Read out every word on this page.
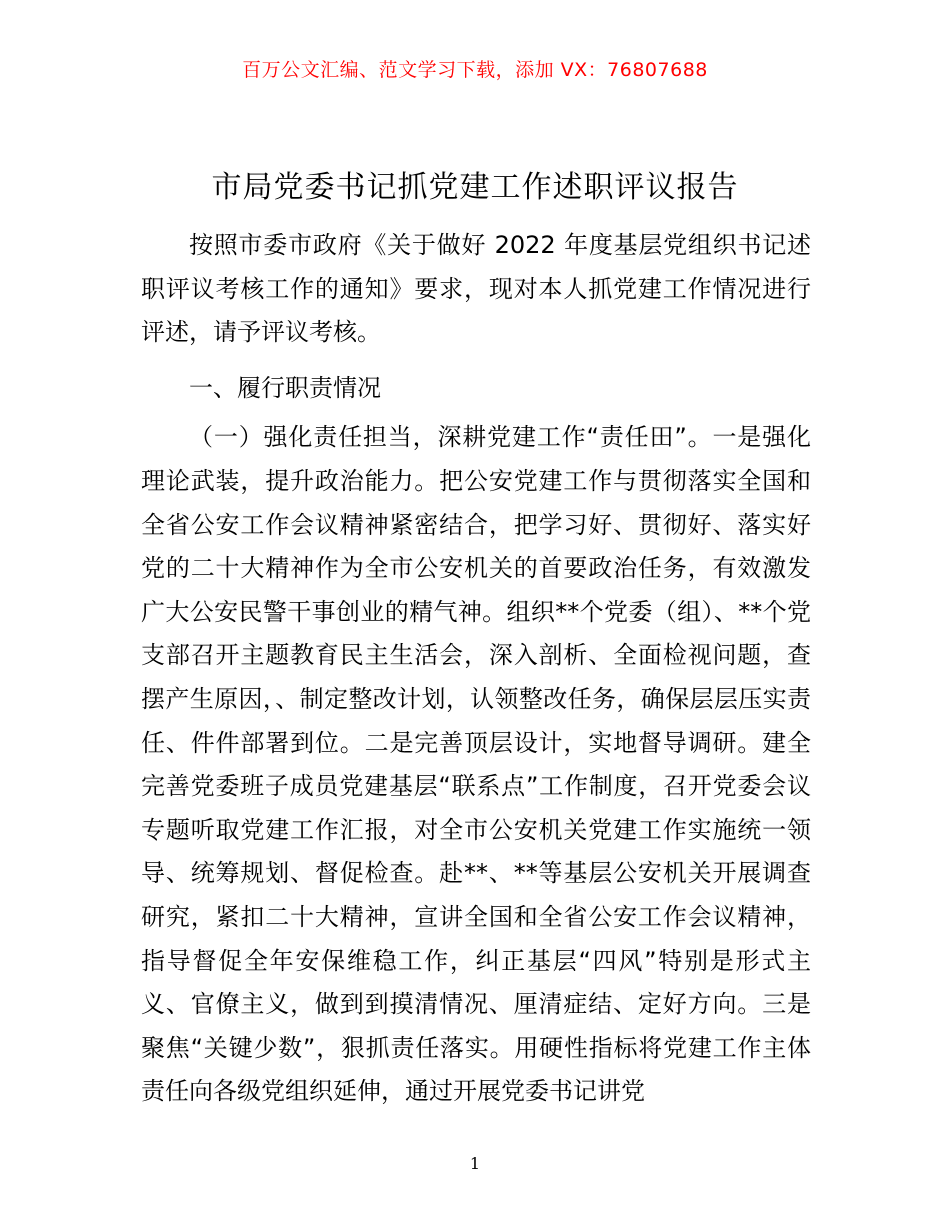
百万公文汇编、范文学习下载，添加 VX：76807688
市局党委书记抓党建工作述职评议报告

按照市委市政府《关于做好 2022 年度基层党组织书记述职评议考核工作的通知》要求，现对本人抓党建工作情况进行评述，请予评议考核。

一、履行职责情况

（一）强化责任担当，深耕党建工作“责任田”。一是强化理论武装，提升政治能力。把公安党建工作与贯彻落实全国和全省公安工作会议精神紧密结合，把学习好、贯彻好、落实好党的二十大精神作为全市公安机关的首要政治任务，有效激发广大公安民警干事创业的精气神。组织**个党委（组）、**个党支部召开主题教育民主生活会，深入剖析、全面检视问题，查摆产生原因，、制定整改计划，认领整改任务，确保层层压实责任、件件部署到位。二是完善顶层设计，实地督导调研。建全完善党委班子成员党建基层“联系点”工作制度，召开党委会议专题听取党建工作汇报，对全市公安机关党建工作实施统一领导、统筹规划、督促检查。赴**、**等基层公安机关开展调查研究，紧扣二十大精神，宣讲全国和全省公安工作会议精神，指导督促全年安保维稳工作，纠正基层“四风”特别是形式主义、官僚主义，做到到摸清情况、厘清症结、定好方向。三是聚焦“关键少数”，狠抓责任落实。用硬性指标将党建工作主体责任向各级党组织延伸，通过开展党委书记讲党

1
